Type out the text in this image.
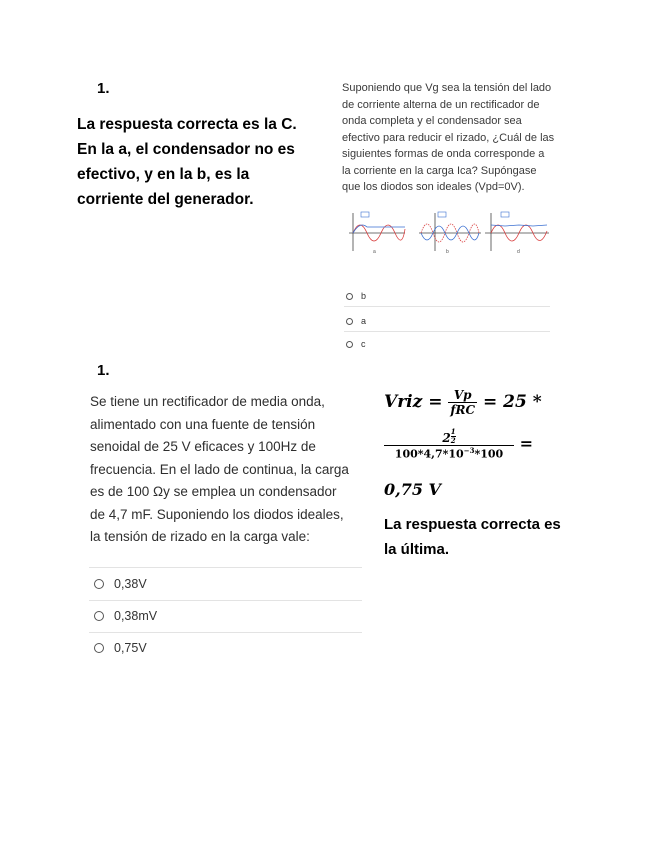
1.
La respuesta correcta es la C.
En la a, el condensador no es
efectivo, y en la b, es la
corriente del generador.
Suponiendo que Vg sea la tensión del lado
de corriente alterna de un rectificador de
onda completa y el condensador sea
efectivo para reducir el rizado, ¿Cuál de las
siguientes formas de onda corresponde a
la corriente en la carga Ica? Supóngase
que los diodos son ideales (Vpd=0V).
a	b	d
b
a
c
1.
Se tiene un rectificador de media onda,
alimentado con una fuente de tensión
senoidal de 25 V eficaces y 100Hz de
frecuencia. En el lado de continua, la carga
es de 100 Ωy se emplea un condensador
de 4,7 mF. Suponiendo los diodos ideales,
la tensión de rizado en la carga vale:
0,38V
0,38mV
0,75V
Vriz = $\frac{Vp}{\text{fRC}} = 25$ *
2 $^{\frac{1}{2}}$
$100*4,7*10^{-3}*100$ =
0,75 V
La respuesta correcta es
la última.
